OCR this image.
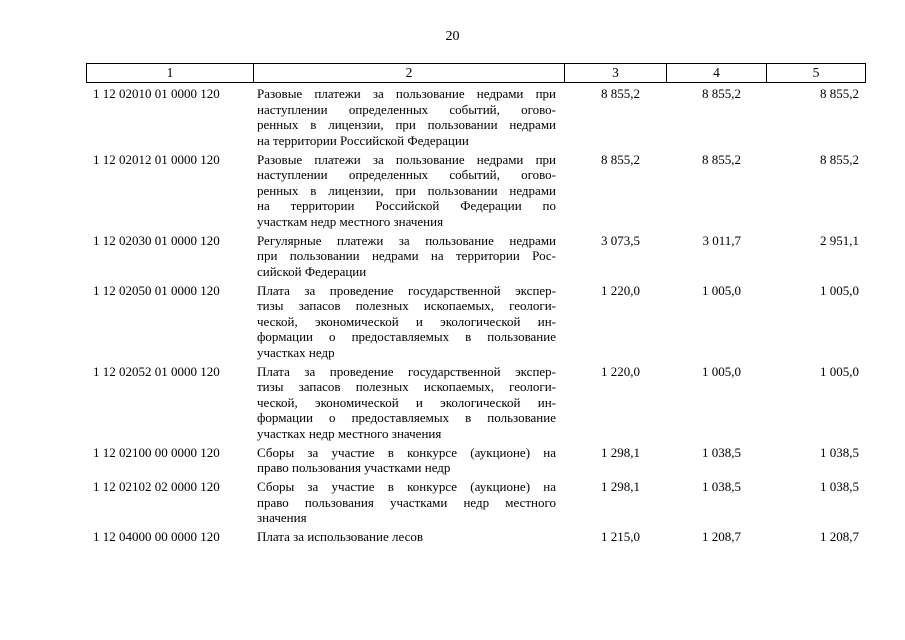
20
1	2	3	4	5
1 12 02010 01 0000 120	Разовые платежи за пользование недрами при
наступлении определенных событий, огово-
ренных в лицензии, при пользовании недрами
на территории Российской Федерации
8 855,2	8 855,2	8 855,2
1 12 02012 01 0000 120	Разовые платежи за пользование недрами при
наступлении определенных событий, огово-
ренных в лицензии, при пользовании недрами
на территории Российской Федерации по
участкам недр местного значения
8 855,2	8 855,2	8 855,2
1 12 02030 01 0000 120	Регулярные платежи за пользование недрами
при пользовании недрами на территории Рос-
сийской Федерации
3 073,5	3 011,7	2 951,1
1 12 02050 01 0000 120	Плата за проведение государственной экспер-
тизы запасов полезных ископаемых, геологи-
ческой, экономической и экологической ин-
формации о предоставляемых в пользование
участках недр
1 220,0	1 005,0	1 005,0
1 12 02052 01 0000 120	Плата за проведение государственной экспер-
тизы запасов полезных ископаемых, геологи-
ческой, экономической и экологической ин-
формации о предоставляемых в пользование
участках недр местного значения
1 220,0	1 005,0	1 005,0
1 12 02100 00 0000 120	Сборы за участие в конкурсе (аукционе) на
право пользования участками недр
1 298,1	1 038,5	1 038,5
1 12 02102 02 0000 120	Сборы за участие в конкурсе (аукционе) на
право пользования участками недр местного
значения
1 298,1	1 038,5	1 038,5
1 12 04000 00 0000 120	Плата за использование лесов	1 215,0	1 208,7	1 208,7
